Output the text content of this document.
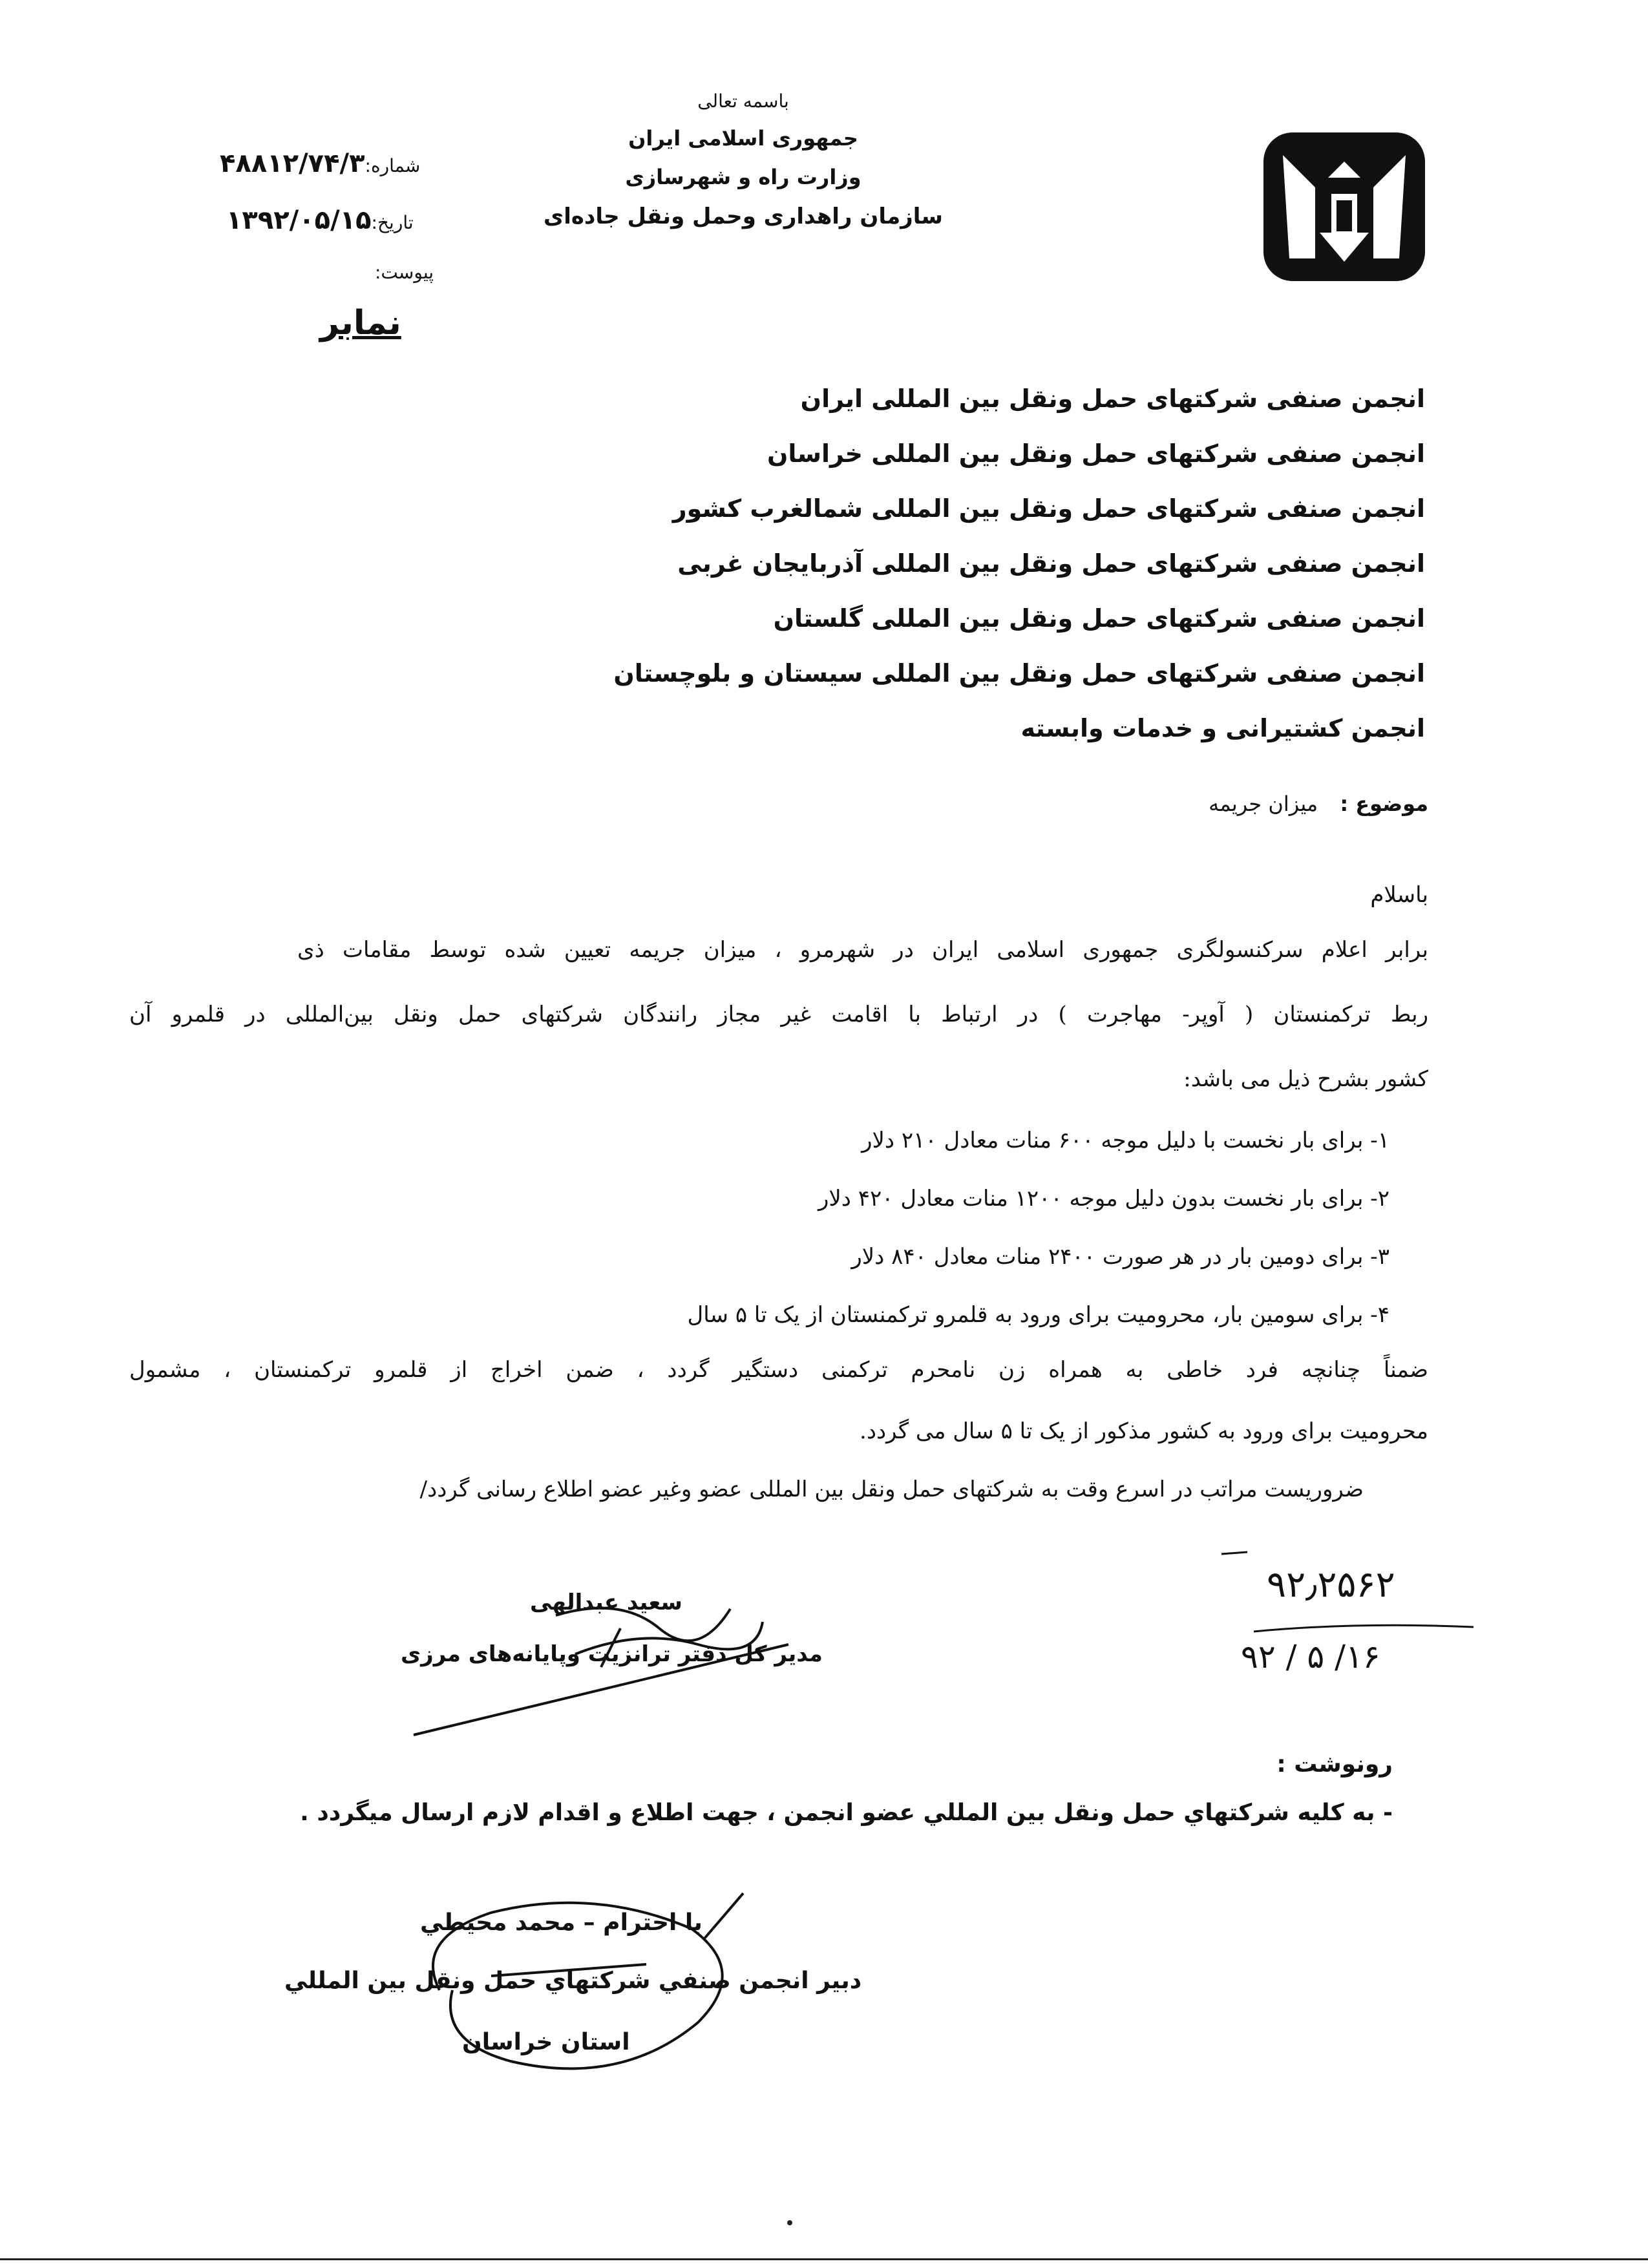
باسمه تعالی
جمهوری اسلامی ایران
وزارت راه و شهرسازی
سازمان راهداری وحمل ونقل جاده‌ای
شماره:۴۸۸۱۲/۷۴/۳
تاریخ:۱۳۹۲/۰۵/۱۵
پیوست:
نمابر
انجمن صنفی شرکتهای حمل ونقل بین المللی ایران
انجمن صنفی شرکتهای حمل ونقل بین المللی خراسان
انجمن صنفی شرکتهای حمل ونقل بین المللی شمالغرب کشور
انجمن صنفی شرکتهای حمل ونقل بین المللی آذربایجان غربی
انجمن صنفی شرکتهای حمل ونقل بین المللی گلستان
انجمن صنفی شرکتهای حمل ونقل بین المللی سیستان و بلوچستان
انجمن کشتیرانی و خدمات وابسته
موضوع : میزان جریمه
باسلام
برابر اعلام سرکنسولگری جمهوری اسلامی ایران در شهرمرو ، میزان جریمه تعیین شده توسط مقامات ذی
ربط ترکمنستان ( آوپر- مهاجرت ) در ارتباط با اقامت غیر مجاز رانندگان شرکتهای حمل ونقل بین‌المللی در قلمرو آن
کشور بشرح ذیل می باشد:
۱- برای بار نخست با دلیل موجه ۶۰۰ منات معادل ۲۱۰ دلار
۲- برای بار نخست بدون دلیل موجه ۱۲۰۰ منات معادل ۴۲۰ دلار
۳- برای دومین بار در هر صورت ۲۴۰۰ منات معادل ۸۴۰ دلار
۴- برای سومین بار، محرومیت برای ورود به قلمرو ترکمنستان از یک تا ۵ سال
ضمناً چنانچه فرد خاطی به همراه زن نامحرم ترکمنی دستگیر گردد ، ضمن اخراج از قلمرو ترکمنستان ، مشمول
محرومیت برای ورود به کشور مذکور از یک تا ۵ سال می گردد.
ضروریست مراتب در اسرع وقت به شرکتهای حمل ونقل بین المللی عضو وغیر عضو اطلاع رسانی گردد/
۹۲٫۲۵۶۲
۹۲ / ۵ /۱۶
سعید عبدالهی
مدیر کل دفتر ترانزیت وپایانه‌های مرزی
رونوشت :
- به كليه شركتهاي حمل ونقل بين المللي عضو انجمن ، جهت اطلاع و اقدام لازم ارسال ميگردد .
با احترام – محمد محيطي
دبير انجمن صنفي شركتهاي حمل ونقل بين المللي
استان خراسان
